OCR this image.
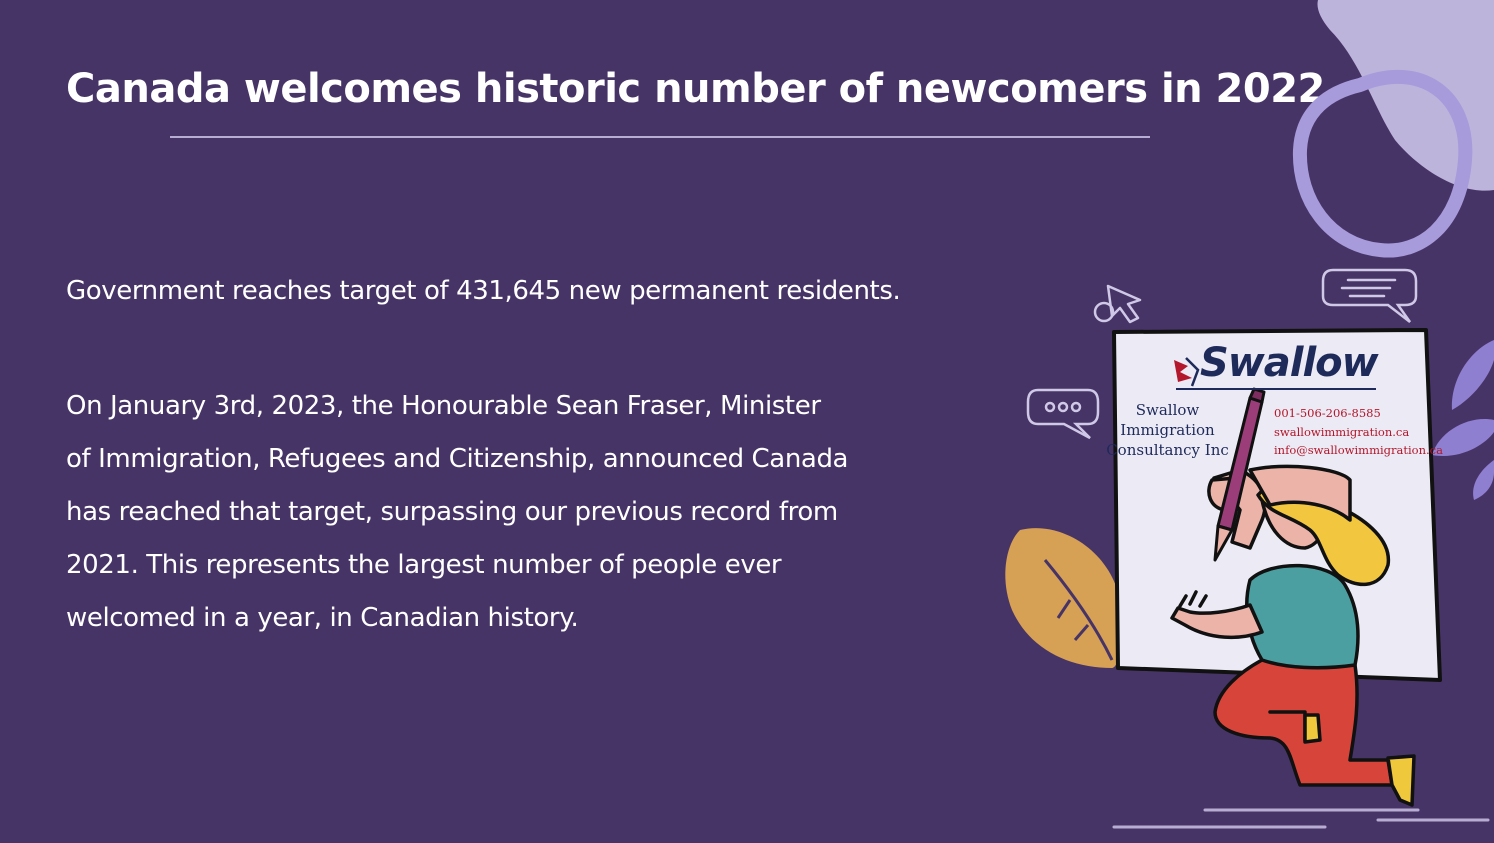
Canada welcomes historic number of newcomers in 2022
Government reaches target of 431,645 new permanent residents.
On January 3rd, 2023, the Honourable Sean Fraser, Minister
of Immigration, Refugees and Citizenship, announced Canada
has reached that target, surpassing our previous record from
2021. This represents the largest number of people ever
welcomed in a year, in Canadian history.
Swallow
Swallow
Immigration
Consultancy Inc
001-506-206-8585
swallowimmigration.ca
info@swallowimmigration.ca
